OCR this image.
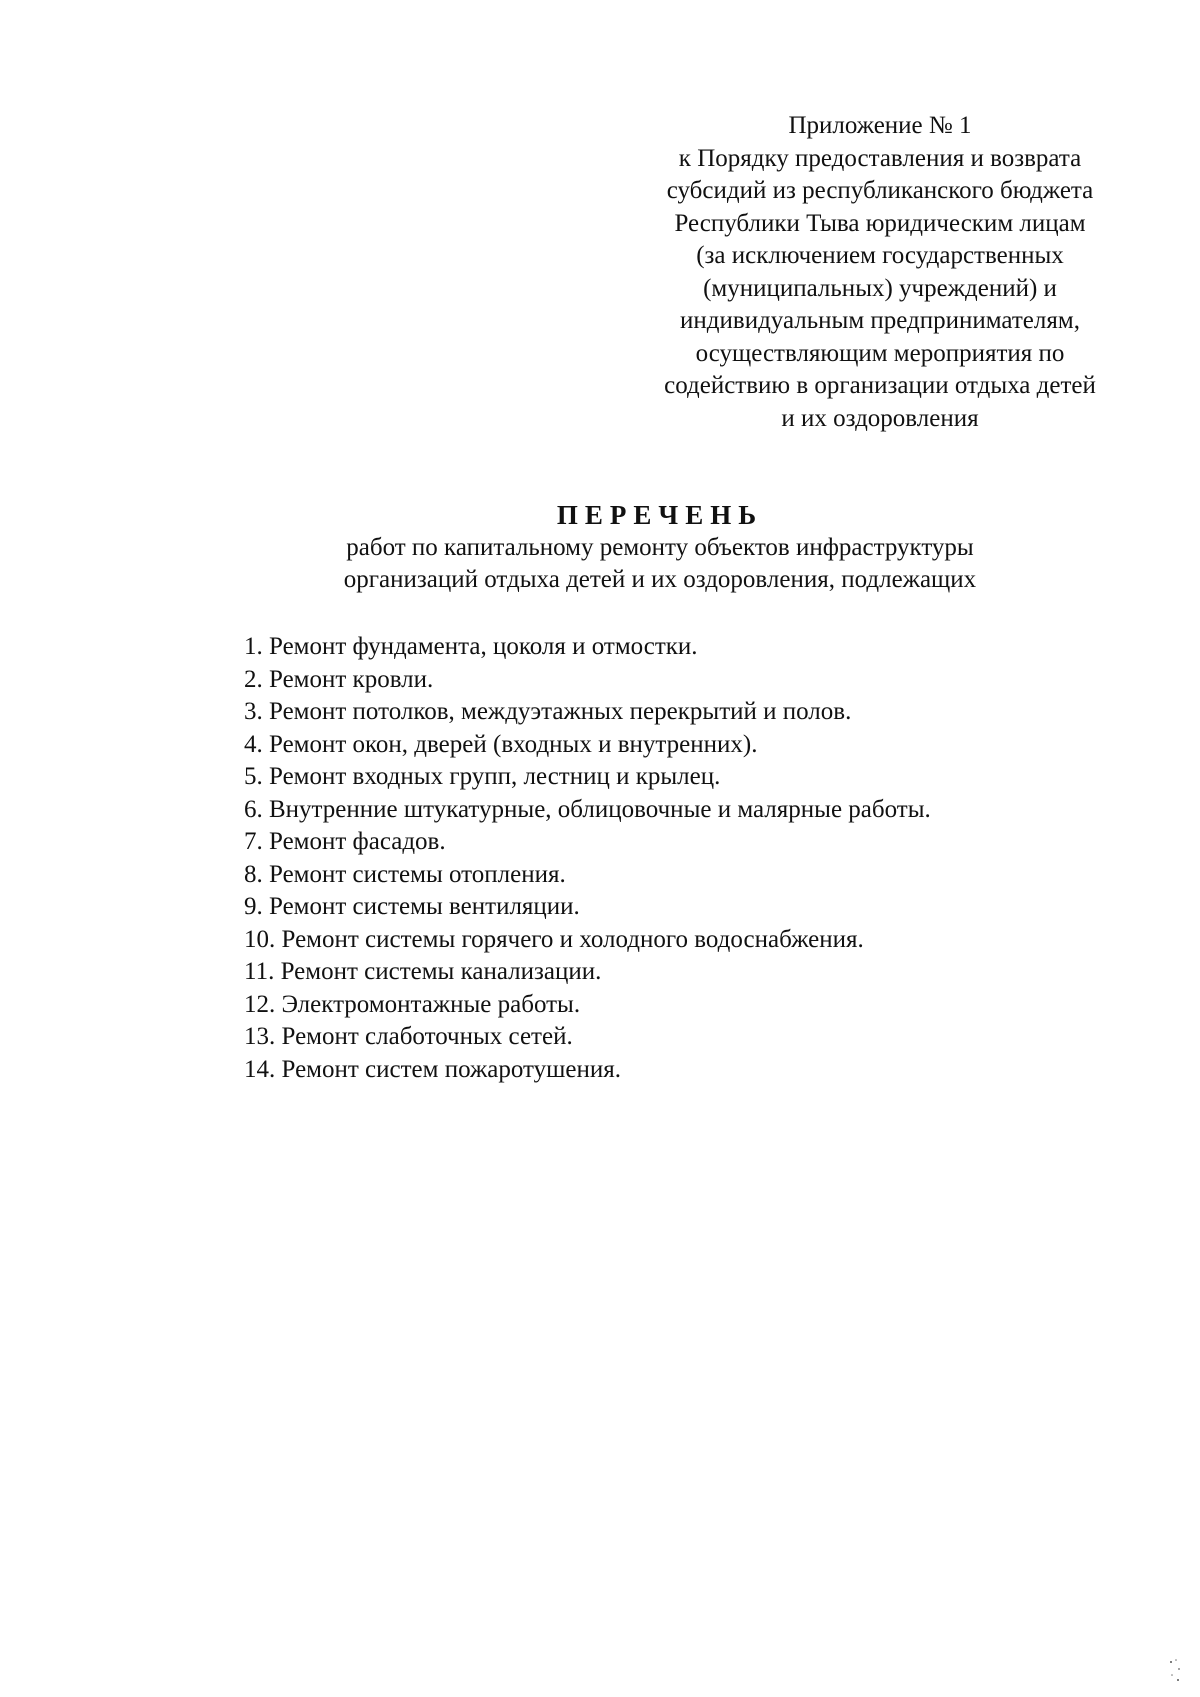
Приложение № 1
к Порядку предоставления и возврата
субсидий из республиканского бюджета
Республики Тыва юридическим лицам
(за исключением государственных
(муниципальных) учреждений) и
индивидуальным предпринимателям,
осуществляющим мероприятия по
содействию в организации отдыха детей
и их оздоровления
ПЕРЕЧЕНЬ
работ по капитальному ремонту объектов инфраструктуры
организаций отдыха детей и их оздоровления, подлежащих
1. Ремонт фундамента, цоколя и отмостки.
2. Ремонт кровли.
3. Ремонт потолков, междуэтажных перекрытий и полов.
4. Ремонт окон, дверей (входных и внутренних).
5. Ремонт входных групп, лестниц и крылец.
6. Внутренние штукатурные, облицовочные и малярные работы.
7. Ремонт фасадов.
8. Ремонт системы отопления.
9. Ремонт системы вентиляции.
10. Ремонт системы горячего и холодного водоснабжения.
11. Ремонт системы канализации.
12. Электромонтажные работы.
13. Ремонт слаботочных сетей.
14. Ремонт систем пожаротушения.
